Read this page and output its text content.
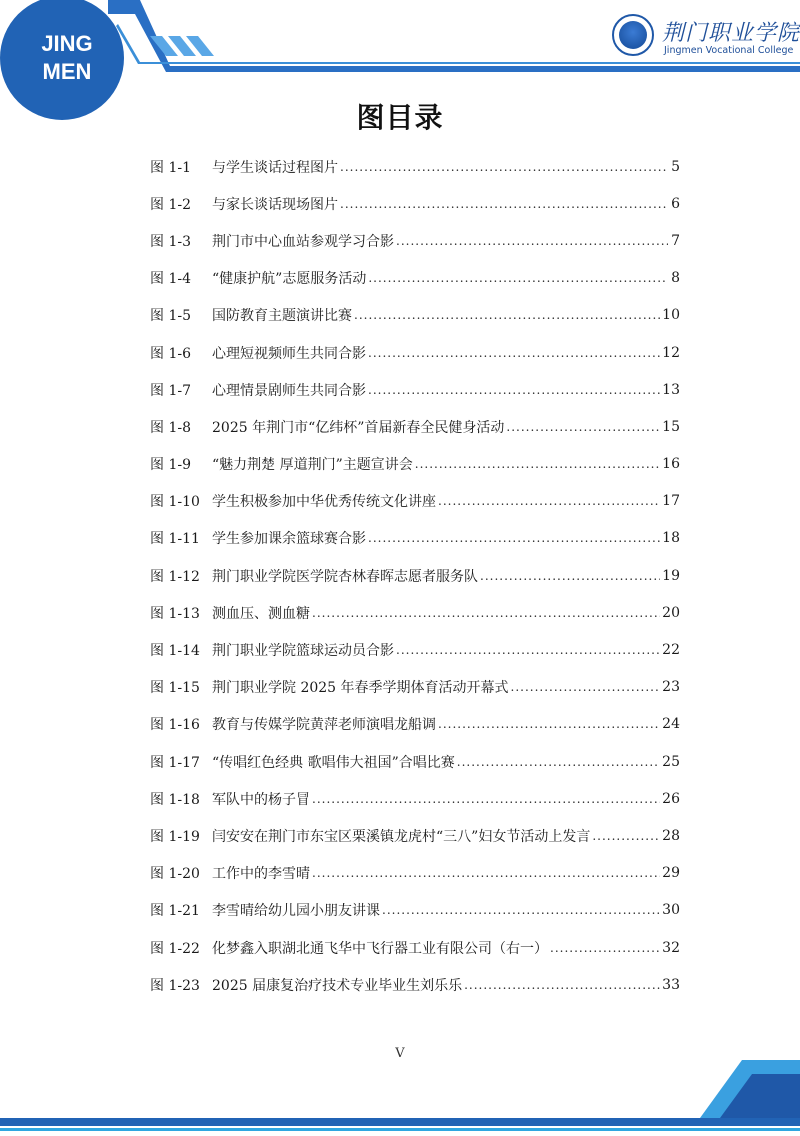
JING
MEN
荆门职业学院
Jingmen Vocational College
图目录
图 1-1	与学生谈话过程图片 .....	5
图 1-2	与家长谈话现场图片 .....	6
图 1-3	荆门市中心血站参观学习合影 .....	7
图 1-4	“健康护航”志愿服务活动 .....	8
图 1-5	国防教育主题演讲比赛 .....	10
图 1-6	心理短视频师生共同合影 .....	12
图 1-7	心理情景剧师生共同合影 .....	13
图 1-8	2025 年荆门市“亿纬杯”首届新春全民健身活动 .....	15
图 1-9	“魅力荆楚 厚道荆门”主题宣讲会 .....	16
图 1-10 学生积极参加中华优秀传统文化讲座 .....	17
图 1-11 学生参加课余篮球赛合影 .....	18
图 1-12 荆门职业学院医学院杏林春晖志愿者服务队 .....	19
图 1-13 测血压、测血糖 .....	20
图 1-14 荆门职业学院篮球运动员合影 .....	22
图 1-15 荆门职业学院 2025 年春季学期体育活动开幕式 .....	23
图 1-16 教育与传媒学院黄萍老师演唱龙船调 .....	24
图 1-17 “传唱红色经典 歌唱伟大祖国”合唱比赛 .....	25
图 1-18 军队中的杨子冒 .....	26
图 1-19 闫安安在荆门市东宝区栗溪镇龙虎村“三八”妇女节活动上发言 .....	28
图 1-20 工作中的李雪晴 .....	29
图 1-21 李雪晴给幼儿园小朋友讲课 .....	30
图 1-22 化梦鑫入职湖北通飞华中飞行器工业有限公司（右一） .....	32
图 1-23 2025 届康复治疗技术专业毕业生刘乐乐 .....	33
V
